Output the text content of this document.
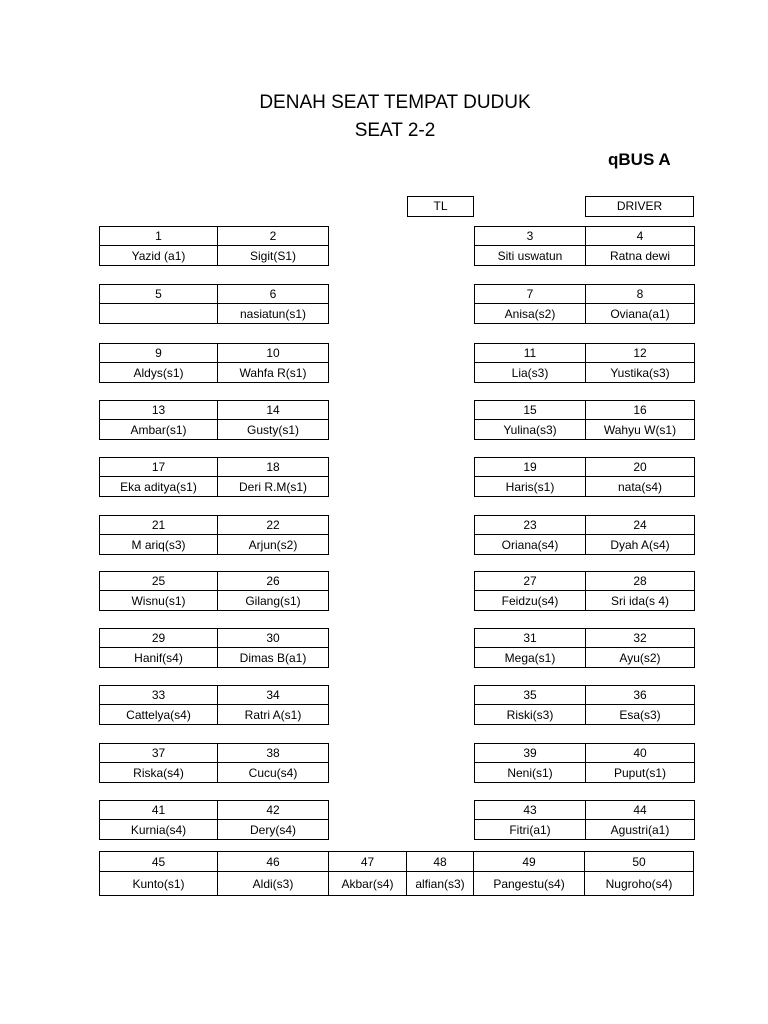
DENAH SEAT TEMPAT DUDUK
SEAT 2-2
qBUS A
TL	DRIVER
1	2
Yazid (a1)	Sigit(S1)
3	4
Siti uswatun	Ratna dewi
5	6
	nasiatun(s1)
7	8
Anisa(s2)	Oviana(a1)
9	10
Aldys(s1)	Wahfa R(s1)
11	12
Lia(s3)	Yustika(s3)
13	14
Ambar(s1)	Gusty(s1)
15	16
Yulina(s3)	Wahyu W(s1)
17	18
Eka aditya(s1)	Deri R.M(s1)
19	20
Haris(s1)	nata(s4)
21	22
M ariq(s3)	Arjun(s2)
23	24
Oriana(s4)	Dyah A(s4)
25	26
Wisnu(s1)	Gilang(s1)
27	28
Feidzu(s4)	Sri ida(s 4)
29	30
Hanif(s4)	Dimas B(a1)
31	32
Mega(s1)	Ayu(s2)
33	34
Cattelya(s4)	Ratri A(s1)
35	36
Riski(s3)	Esa(s3)
37	38
Riska(s4)	Cucu(s4)
39	40
Neni(s1)	Puput(s1)
41	42
Kurnia(s4)	Dery(s4)
43	44
Fitri(a1)	Agustri(a1)
45	46	47	48	49	50
Kunto(s1)	Aldi(s3)	Akbar(s4)	alfian(s3)	Pangestu(s4)	Nugroho(s4)
